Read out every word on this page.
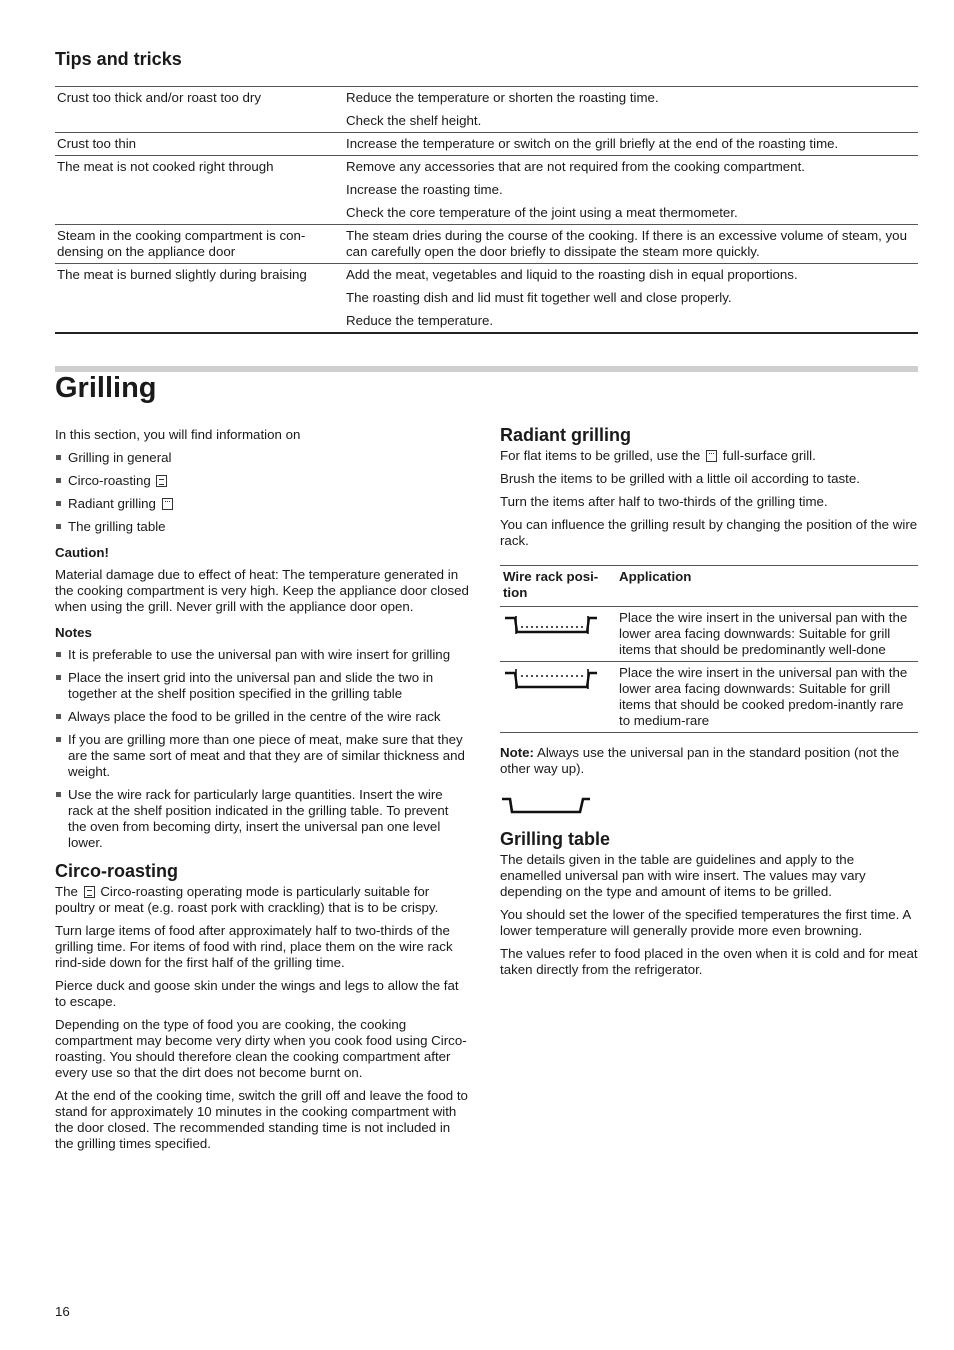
Tips and tricks
Crust too thick and/or roast too dry	Reduce the temperature or shorten the roasting time.
Check the shelf height.

Crust too thin	Increase the temperature or switch on the grill briefly at the end of the roasting time.

The meat is not cooked right through	Remove any accessories that are not required from the cooking compartment.
Increase the roasting time.
Check the core temperature of the joint using a meat thermometer.

Steam in the cooking compartment is con-densing on the appliance door	The steam dries during the course of the cooking. If there is an excessive volume of steam, you can carefully open the door briefly to dissipate the steam more quickly.

The meat is burned slightly during braising	Add the meat, vegetables and liquid to the roasting dish in equal proportions.
The roasting dish and lid must fit together well and close properly.
Reduce the temperature.
Grilling

In this section, you will find information on

Grilling in general
Circo-roasting
Radiant grilling
The grilling table
Caution!

Material damage due to effect of heat: The temperature generated in the cooking compartment is very high. Keep the appliance door closed when using the grill. Never grill with the appliance door open.

Notes
It is preferable to use the universal pan with wire insert for grilling
Place the insert grid into the universal pan and slide the two in together at the shelf position specified in the grilling table
Always place the food to be grilled in the centre of the wire rack
If you are grilling more than one piece of meat, make sure that they are the same sort of meat and that they are of similar thickness and weight.
Use the wire rack for particularly large quantities. Insert the wire rack at the shelf position indicated in the grilling table. To prevent the oven from becoming dirty, insert the universal pan one level lower.
Circo-roasting

The Circo-roasting operating mode is particularly suitable for poultry or meat (e.g. roast pork with crackling) that is to be crispy.

Turn large items of food after approximately half to two-thirds of the grilling time. For items of food with rind, place them on the wire rack rind-side down for the first half of the grilling time.

Pierce duck and goose skin under the wings and legs to allow the fat to escape.

Depending on the type of food you are cooking, the cooking compartment may become very dirty when you cook food using Circo-roasting. You should therefore clean the cooking compartment after every use so that the dirt does not become burnt on.

At the end of the cooking time, switch the grill off and leave the food to stand for approximately 10 minutes in the cooking compartment with the door closed. The recommended standing time is not included in the grilling times specified.

Radiant grilling

For flat items to be grilled, use the full-surface grill.

Brush the items to be grilled with a little oil according to taste.

Turn the items after half to two-thirds of the grilling time.

You can influence the grilling result by changing the position of the wire rack.

Wire rack posi-tion	Application
	Place the wire insert in the universal pan with the lower area facing downwards: Suitable for grill items that should be predominantly well-done
	Place the wire insert in the universal pan with the lower area facing downwards: Suitable for grill items that should be cooked predom-inantly rare to medium-rare

Note: Always use the universal pan in the standard position (not the other way up).

Grilling table

The details given in the table are guidelines and apply to the enamelled universal pan with wire insert. The values may vary depending on the type and amount of items to be grilled.

You should set the lower of the specified temperatures the first time. A lower temperature will generally provide more even browning.

The values refer to food placed in the oven when it is cold and for meat taken directly from the refrigerator.

16
